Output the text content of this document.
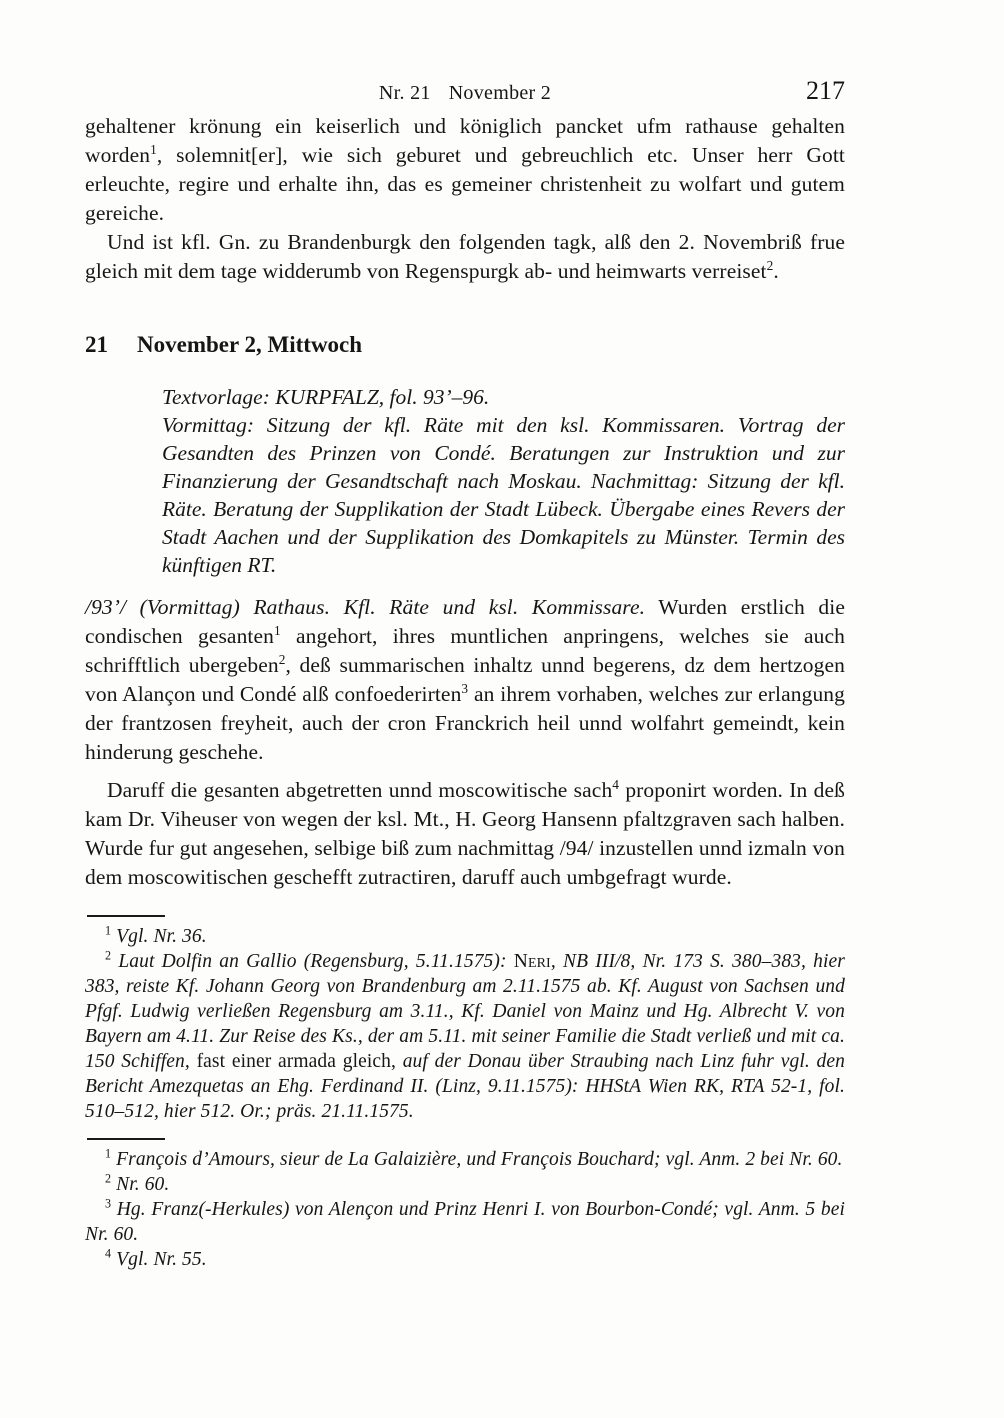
Nr. 21 November 2	217

gehaltener krönung ein keiserlich und königlich pancket ufm rathause gehalten worden$^1$, solemnit[er], wie sich geburet und gebreuchlich etc. Unser herr Gott erleuchte, regire und erhalte ihn, das es gemeiner christenheit zu wolfart und gutem gereiche.

Und ist kfl. Gn. zu Brandenburgk den folgenden tagk, alß den 2. Novembriß frue gleich mit dem tage widderumb von Regenspurgk ab- und heimwarts verreiset$^2$.

21	November 2, Mittwoch

Textvorlage: KURPFALZ, fol. 93’–96.

Vormittag: Sitzung der kfl. Räte mit den ksl. Kommissaren. Vortrag der Gesandten des Prinzen von Condé. Beratungen zur Instruktion und zur Finanzierung der Gesandtschaft nach Moskau. Nachmittag: Sitzung der kfl. Räte. Beratung der Supplikation der Stadt Lübeck. Übergabe eines Revers der Stadt Aachen und der Supplikation des Domkapitels zu Münster. Termin des künftigen RT.

/93’/ (Vormittag) Rathaus. Kfl. Räte und ksl. Kommissare. Wurden erstlich die condischen gesanten$^1$ angehort, ihres muntlichen anpringens, welches sie auch schrifftlich ubergeben$^2$, deß summarischen inhaltz unnd begerens, dz dem hertzogen von Alançon und Condé alß confoederirten$^3$ an ihrem vorhaben, welches zur erlangung der frantzosen freyheit, auch der cron Franckrich heil unnd wolfahrt gemeindt, kein hinderung geschehe.

Daruff die gesanten abgetretten unnd moscowitische sach$^4$ proponirt worden. In deß kam Dr. Viheuser von wegen der ksl. Mt., H. Georg Hansenn pfaltzgraven sach halben. Wurde fur gut angesehen, selbige biß zum nachmittag /94/ inzustellen unnd izmaln von dem moscowitischen geschefft zutractiren, daruff auch umbgefragt wurde.

$^1$ Vgl. Nr. 36.

$^2$ Laut Dolfin an Gallio (Regensburg, 5.11.1575): Neri, NB III/8, Nr. 173 S. 380–383, hier 383, reiste Kf. Johann Georg von Brandenburg am 2.11.1575 ab. Kf. August von Sachsen und Pfgf. Ludwig verließen Regensburg am 3.11., Kf. Daniel von Mainz und Hg. Albrecht V. von Bayern am 4.11. Zur Reise des Ks., der am 5.11. mit seiner Familie die Stadt verließ und mit ca. 150 Schiffen, fast einer armada gleich, auf der Donau über Straubing nach Linz fuhr vgl. den Bericht Amezquetas an Ehg. Ferdinand II. (Linz, 9.11.1575): HHStA Wien RK, RTA 52-1, fol. 510–512, hier 512. Or.; präs. 21.11.1575.

$^1$ François d’Amours, sieur de La Galaizière, und François Bouchard; vgl. Anm. 2 bei Nr. 60.

$^2$ Nr. 60.

$^3$ Hg. Franz(-Herkules) von Alençon und Prinz Henri I. von Bourbon-Condé; vgl. Anm. 5 bei Nr. 60.

$^4$ Vgl. Nr. 55.
